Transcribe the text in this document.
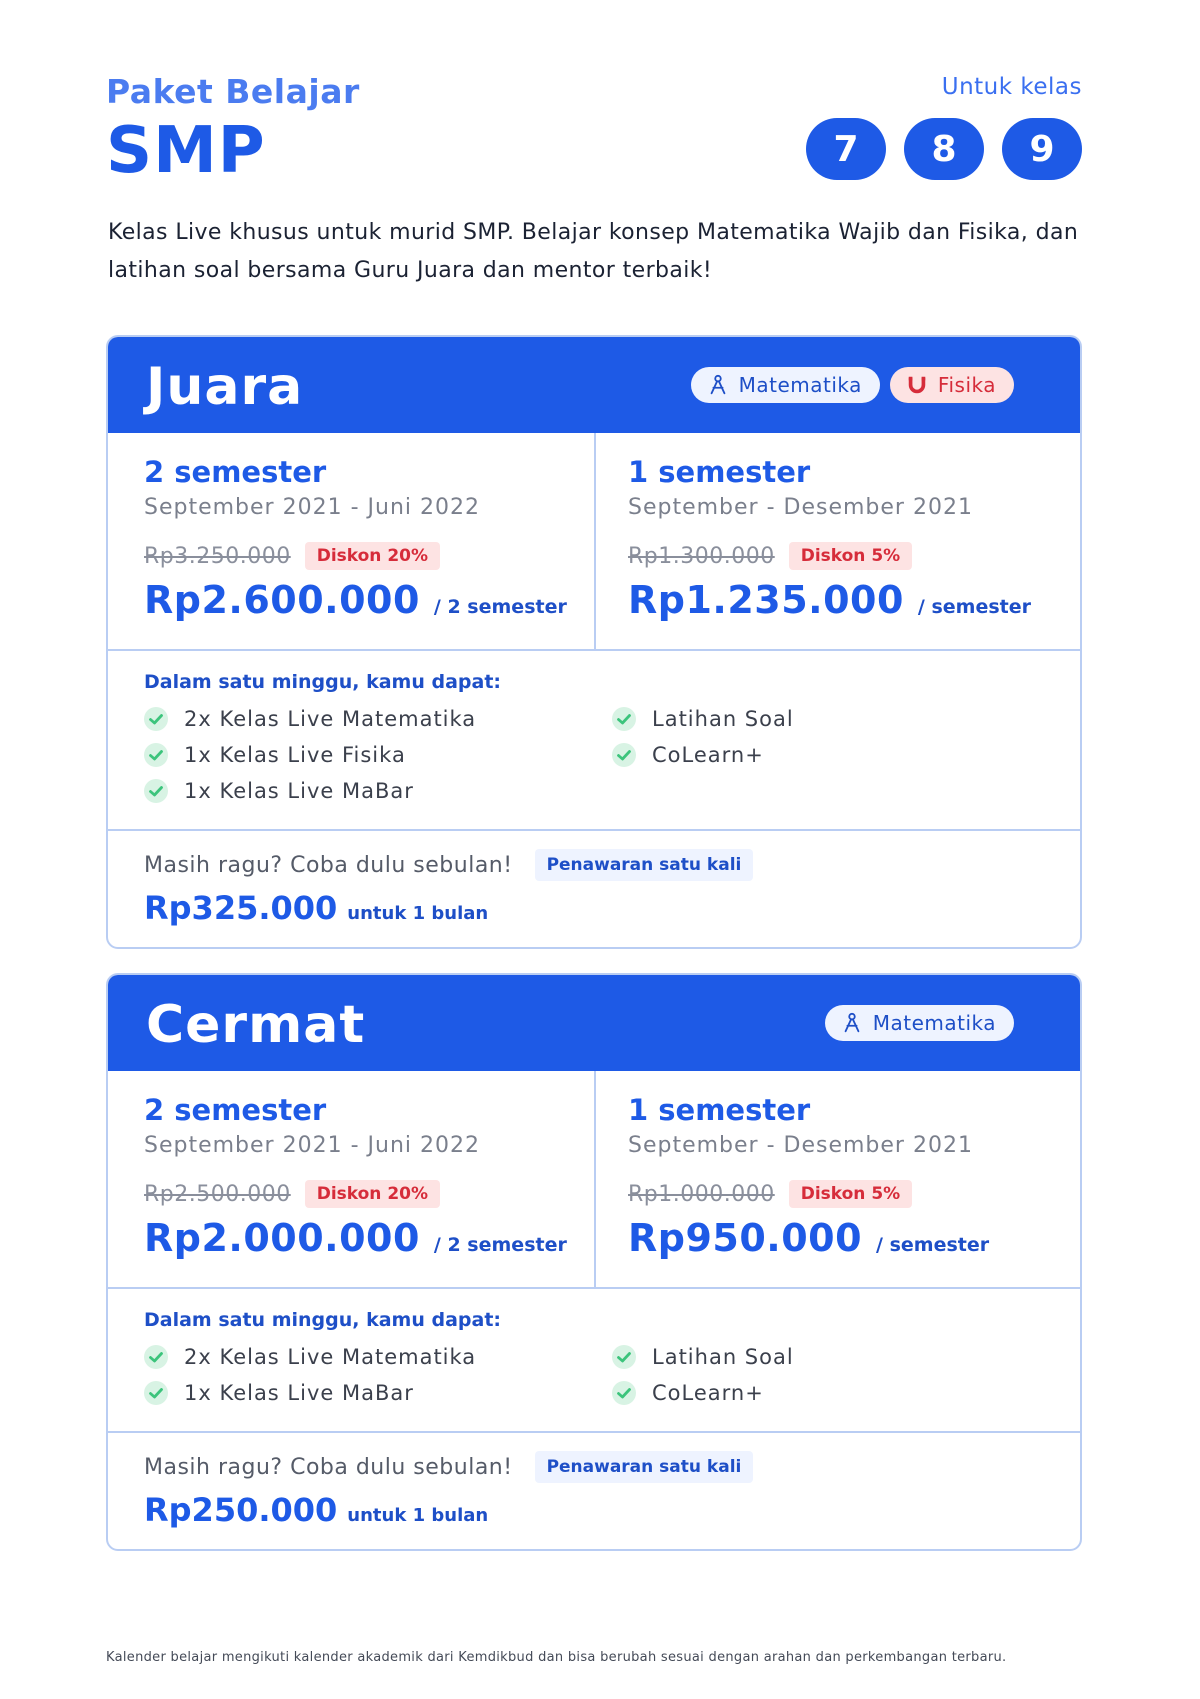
Paket Belajar
SMP
Untuk kelas
7	8	9
Kelas Live khusus untuk murid SMP. Belajar konsep Matematika Wajib dan Fisika, dan latihan soal bersama Guru Juara dan mentor terbaik!
Juara	Matematika	Fisika
2 semester
September 2021 - Juni 2022
Rp3.250.000	Diskon 20%
Rp2.600.000 / 2 semester
1 semester
September - Desember 2021
Rp1.300.000	Diskon 5%
Rp1.235.000 / semester
Dalam satu minggu, kamu dapat:
2x Kelas Live Matematika
1x Kelas Live Fisika
1x Kelas Live MaBar
Latihan Soal
CoLearn+
Masih ragu? Coba dulu sebulan!	Penawaran satu kali
Rp325.000 untuk 1 bulan
Cermat	Matematika
2 semester
September 2021 - Juni 2022
Rp2.500.000	Diskon 20%
Rp2.000.000 / 2 semester
1 semester
September - Desember 2021
Rp1.000.000	Diskon 5%
Rp950.000 / semester
Dalam satu minggu, kamu dapat:
2x Kelas Live Matematika
1x Kelas Live MaBar
Latihan Soal
CoLearn+
Masih ragu? Coba dulu sebulan!	Penawaran satu kali
Rp250.000 untuk 1 bulan
Kalender belajar mengikuti kalender akademik dari Kemdikbud dan bisa berubah sesuai dengan arahan dan perkembangan terbaru.
